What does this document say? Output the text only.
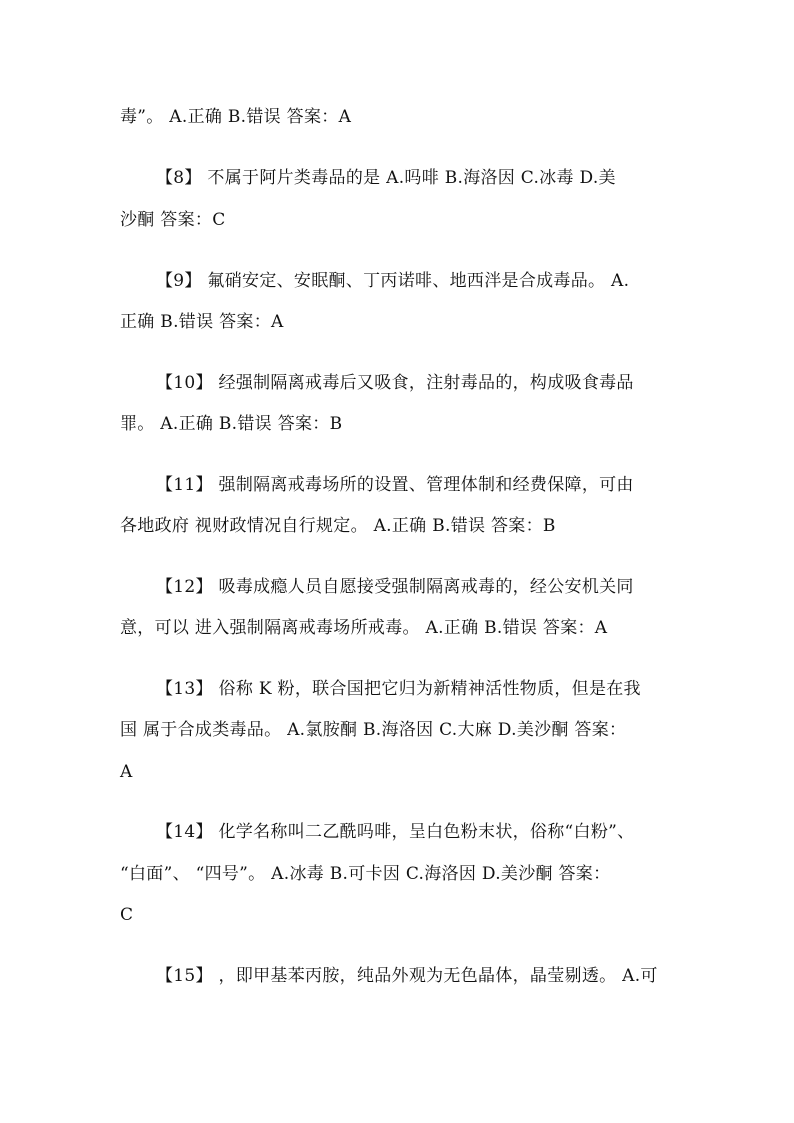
毒”。 A.正确 B.错误 答案：A
【8】 不属于阿片类毒品的是 A.吗啡 B.海洛因 C.冰毒 D.美
沙酮 答案：C
【9】 氟硝安定、安眠酮、丁丙诺啡、地西泮是合成毒品。 A.
正确 B.错误 答案：A
【10】 经强制隔离戒毒后又吸食，注射毒品的，构成吸食毒品
罪。 A.正确 B.错误 答案：B
【11】 强制隔离戒毒场所的设置、管理体制和经费保障，可由
各地政府 视财政情况自行规定。 A.正确 B.错误 答案：B
【12】 吸毒成瘾人员自愿接受强制隔离戒毒的，经公安机关同
意，可以 进入强制隔离戒毒场所戒毒。 A.正确 B.错误 答案：A
【13】 俗称 K 粉，联合国把它归为新精神活性物质，但是在我
国 属于合成类毒品。 A.氯胺酮 B.海洛因 C.大麻 D.美沙酮 答案：
A
【14】 化学名称叫二乙酰吗啡，呈白色粉末状，俗称“白粉”、
“白面”、 “四号”。 A.冰毒 B.可卡因 C.海洛因 D.美沙酮 答案：
C
【15】 ，即甲基苯丙胺，纯品外观为无色晶体，晶莹剔透。 A.可
